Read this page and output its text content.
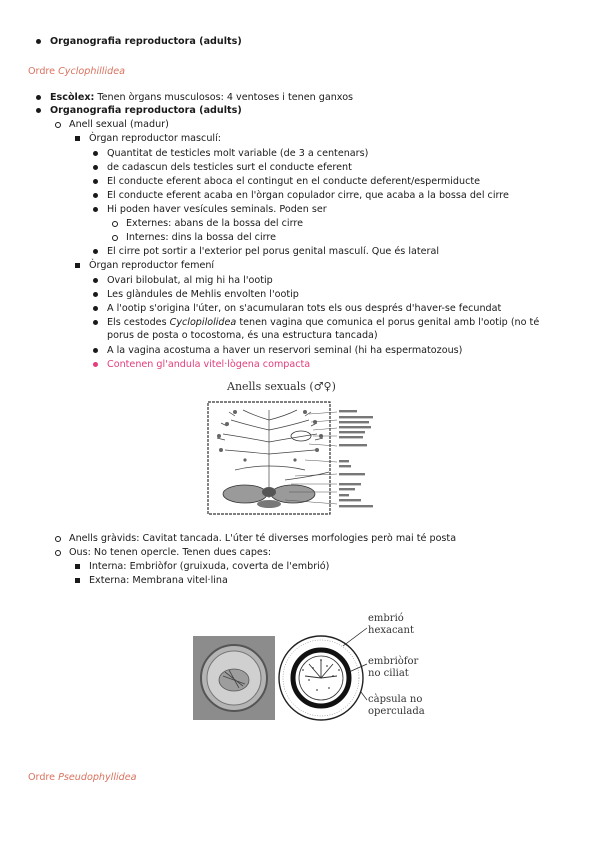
Organografia reproductora (adults)
Ordre Cyclophillidea
Escòlex: Tenen òrgans musculosos: 4 ventoses i tenen ganxos
Organografia reproductora (adults)
Anell sexual (madur)
Òrgan reproductor masculí:
Quantitat de testicles molt variable (de 3 a centenars)
de cadascun dels testicles surt el conducte eferent
El conducte eferent aboca el contingut en el conducte deferent/espermiducte
El conducte eferent acaba en l'òrgan copulador cirre, que acaba a la bossa del cirre
Hi poden haver vesícules seminals. Poden ser
Externes: abans de la bossa del cirre
Internes: dins la bossa del cirre
El cirre pot sortir a l'exterior pel porus genital masculí. Que és lateral
Òrgan reproductor femení
Ovari bilobulat, al mig hi ha l'ootip
Les glàndules de Mehlis envolten l'ootip
A l'ootip s'origina l'úter, on s'acumularan tots els ous després d'haver-se fecundat
Els cestodes Cyclopilolidea tenen vagina que comunica el porus genital amb l'ootip (no té porus de posta o tocostoma, és una estructura tancada)
A la vagina acostuma a haver un reservori seminal (hi ha espermatozous)
Contenen gl'andula vitel·lògena compacta
Anells sexuals (♂♀)
Anells gràvids: Cavitat tancada. L'úter té diverses morfologies però mai té posta
Ous: No tenen opercle. Tenen dues capes:
Interna: Embriòfor (gruixuda, coverta de l'embrió)
Externa: Membrana vitel·lina
embrió
hexacant
embriòfor
no ciliat
càpsula no
operculada
Ordre Pseudophyllidea
